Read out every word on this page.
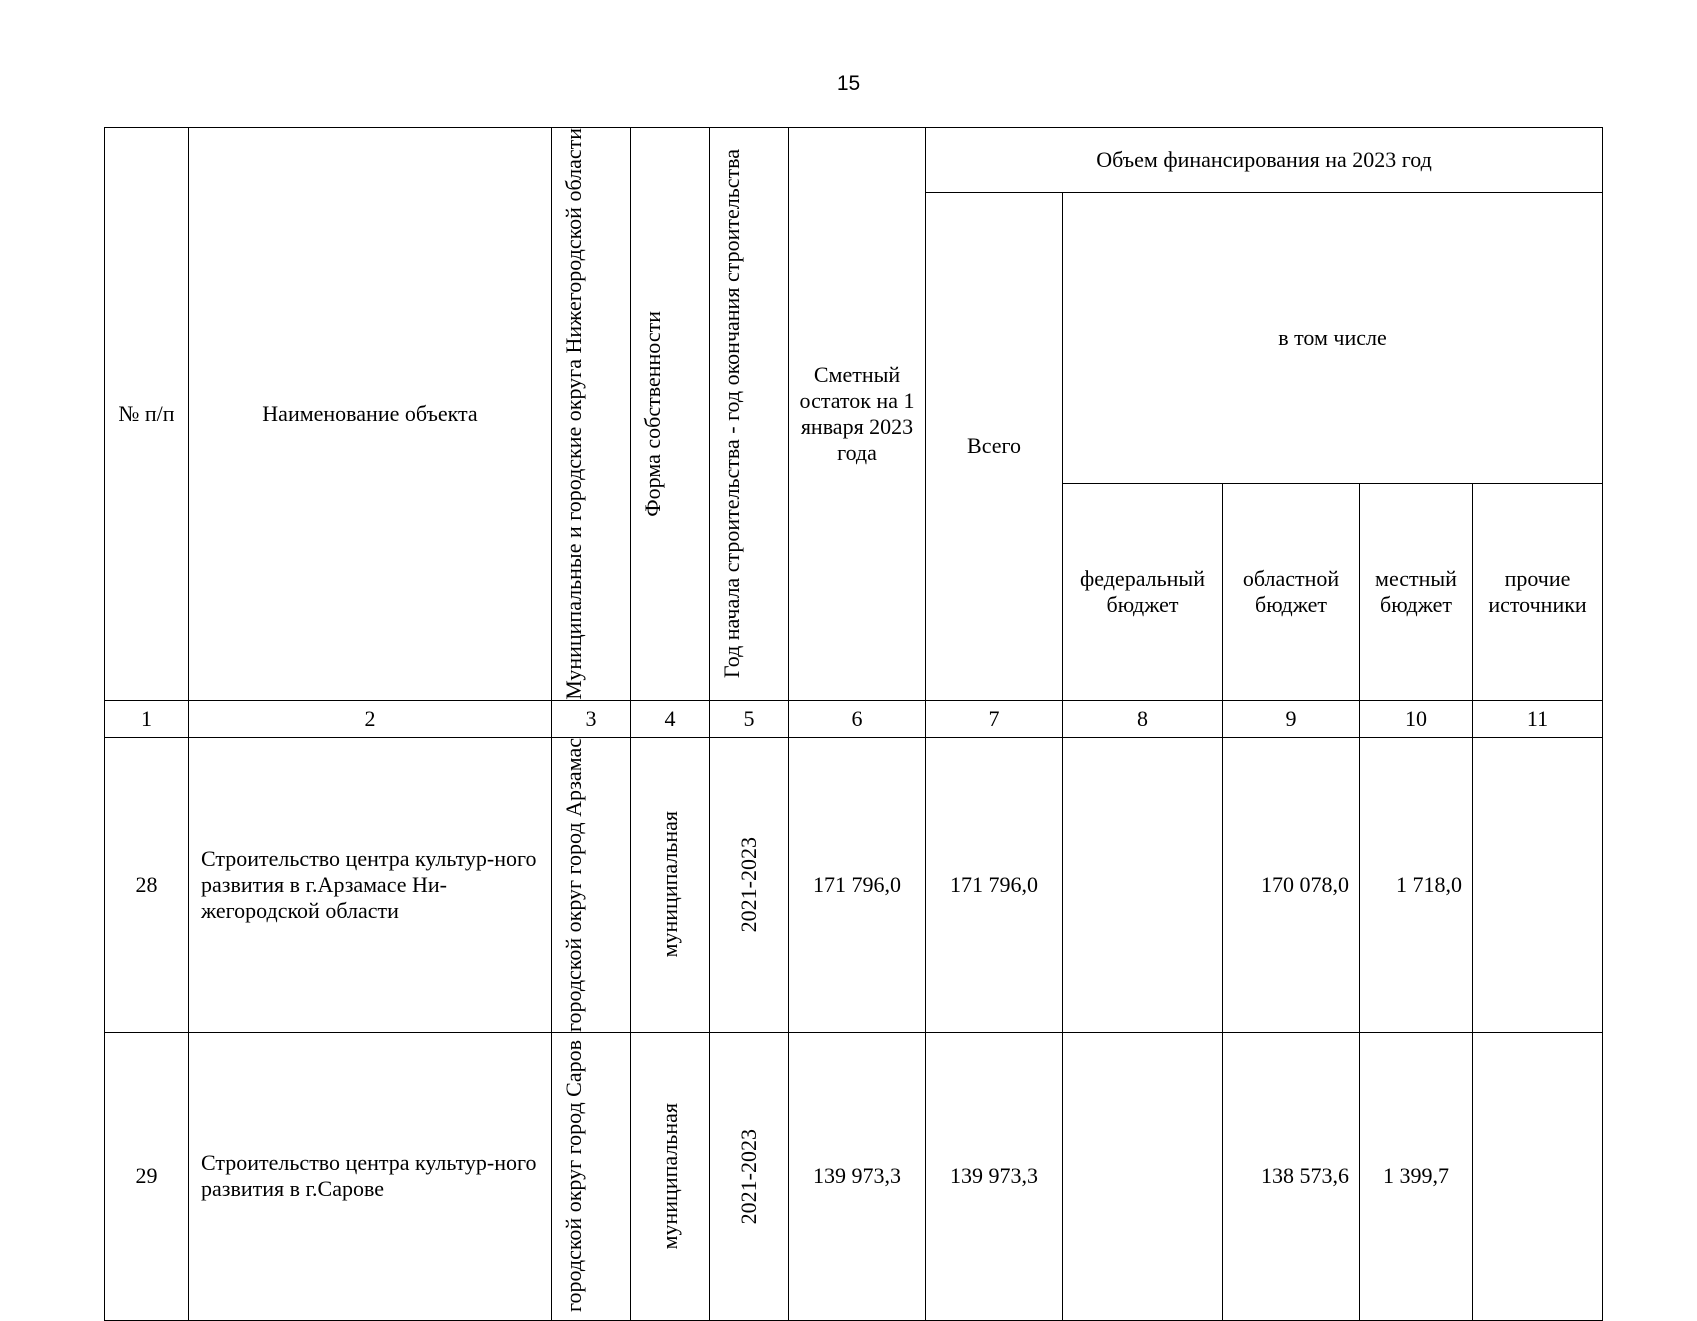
15
№ п/п	Наименование объекта	Муниципальные и городские округа Нижегородской области	Форма собственности	Год начала строительства - год окончания строительства	Сметный остаток на 1 января 2023 года	Объем финансирования на 2023 год				
						Всего	в том числе			

							федеральный бюджет	областной бюджет	местный бюджет	прочие источники

1	2	3	4	5	6	7	8	9	10	11
28	Строительство центра культур-ного развития в г.Арзамасе Ни-жегородской области	городской округ город Арзамас	муниципальная	2021-2023	171 796,0	171 796,0		170 078,0	1 718,0	
29	Строительство центра культур-ного развития в г.Сарове	городской округ город Саров	муниципальная	2021-2023	139 973,3	139 973,3		138 573,6	1 399,7	
